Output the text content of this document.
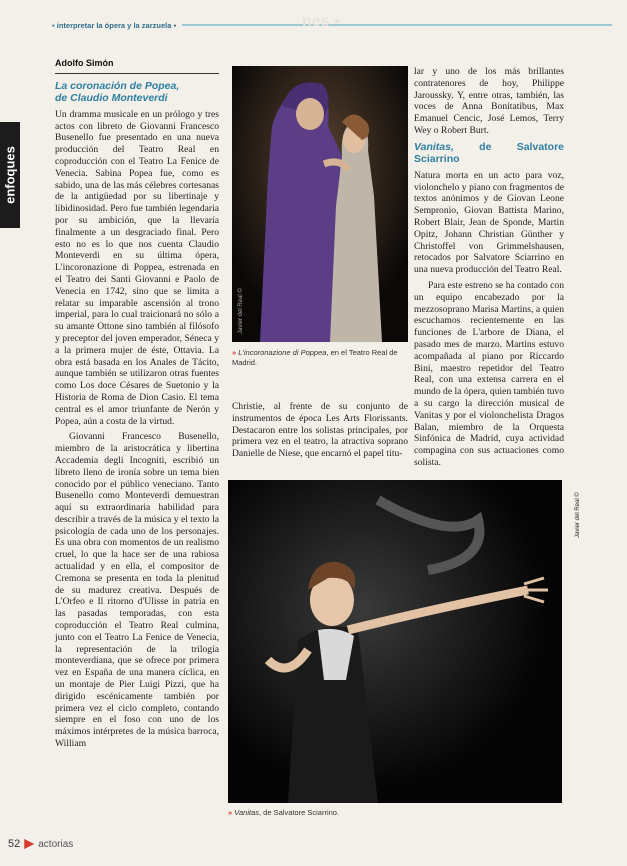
nes ▪
▪ interpretar la ópera y la zarzuela ▪
enfoques
Adolfo Simón
La coronación de Popea,
de Claudio Monteverdi

Un dramma musicale en un prólogo y tres actos con libreto de Giovanni Francesco Busenello fue presentado en una nueva producción del Teatro Real en coproducción con el Teatro La Fenice de Venecia. Sabina Popea fue, como es sabido, una de las más célebres cortesanas de la antigüedad por su libertinaje y libidinosidad. Pero fue también legendaria por su ambición, que la llevaría finalmente a un desgraciado final. Pero esto no es lo que nos cuenta Claudio Monteverdi en su última ópera, L'incoronazione di Poppea, estrenada en el Teatro dei Santi Giovanni e Paolo de Venecia en 1742, sino que se limita a relatar su imparable ascensión al trono imperial, para lo cual traicionará no sólo a su amante Ottone sino también al filósofo y preceptor del joven emperador, Séneca y a la primera mujer de éste, Ottavia. La obra está basada en los Anales de Tácito, aunque también se utilizaron otras fuentes como Los doce Césares de Suetonio y la Historia de Roma de Dion Casio. El tema central es el amor triunfante de Nerón y Popea, aún a costa de la virtud.

Giovanni Francesco Busenello, miembro de la aristocrática y libertina Accademia degli Incogniti, escribió un libreto lleno de ironía sobre un tema bien conocido por el público veneciano. Tanto Busenello como Monteverdi demuestran aquí su extraordinaria habilidad para describir a través de la música y el texto la psicología de cada uno de los personajes. Es una obra con momentos de un realismo cruel, lo que la hace ser de una rabiosa actualidad y en ella, el compositor de Cremona se presenta en toda la plenitud de su madurez creativa. Después de L'Orfeo e Il ritorno d'Ulisse in patria en las pasadas temporadas, con esta coproducción el Teatro Real culmina, junto con el Teatro La Fenice de Venecia, la representación de la trilogía monteverdiana, que se ofrece por primera vez en España de una manera cíclica, en un montaje de Pier Luigi Pizzi, que ha dirigido escénicamente también por primera vez el ciclo completo, contando siempre en el foso con uno de los máximos intérpretes de la música barroca, William

Javier del Real ©
» L'incoronazione di Poppea, en el Teatro Real de Madrid.

Christie, al frente de su conjunto de instrumentos de época Les Arts Florissants. Destacaron entre los solistas principales, por primera vez en el teatro, la atractiva soprano Danielle de Niese, que encarnó el papel titu-

lar y uno de los más brillantes contratenores de hoy, Philippe Jaroussky. Y, entre otras, también, las voces de Anna Bonitatibus, Max Emanuel Cencic, José Lemos, Terry Wey o Robert Burt.

Vanitas, de Salvatore Sciarrino

Natura morta en un acto para voz, violonchelo y piano con fragmentos de textos anónimos y de Giovan Leone Sempronio, Giovan Battista Marino, Robert Blair, Jean de Sponde, Martin Opitz, Johann Christian Günther y Christoffel von Grimmelshausen, retocados por Salvatore Sciarrino en una nueva producción del Teatro Real.

Para este estreno se ha contado con un equipo encabezado por la mezzosoprano Marisa Martins, a quien escuchamos recientemente en las funciones de L'arbore de Diana, el pasado mes de marzo. Martins estuvo acompañada al piano por Riccardo Bini, maestro repetidor del Teatro Real, con una extensa carrera en el mundo de la ópera, quien también tuvo a su cargo la dirección musical de Vanitas y por el violonchelista Dragos Balan, miembro de la Orquesta Sinfónica de Madrid, cuya actividad compagina con sus actuaciones como solista.

Javier del Real ©
» Vanitas, de Salvatore Sciarrino.
52 actorias
